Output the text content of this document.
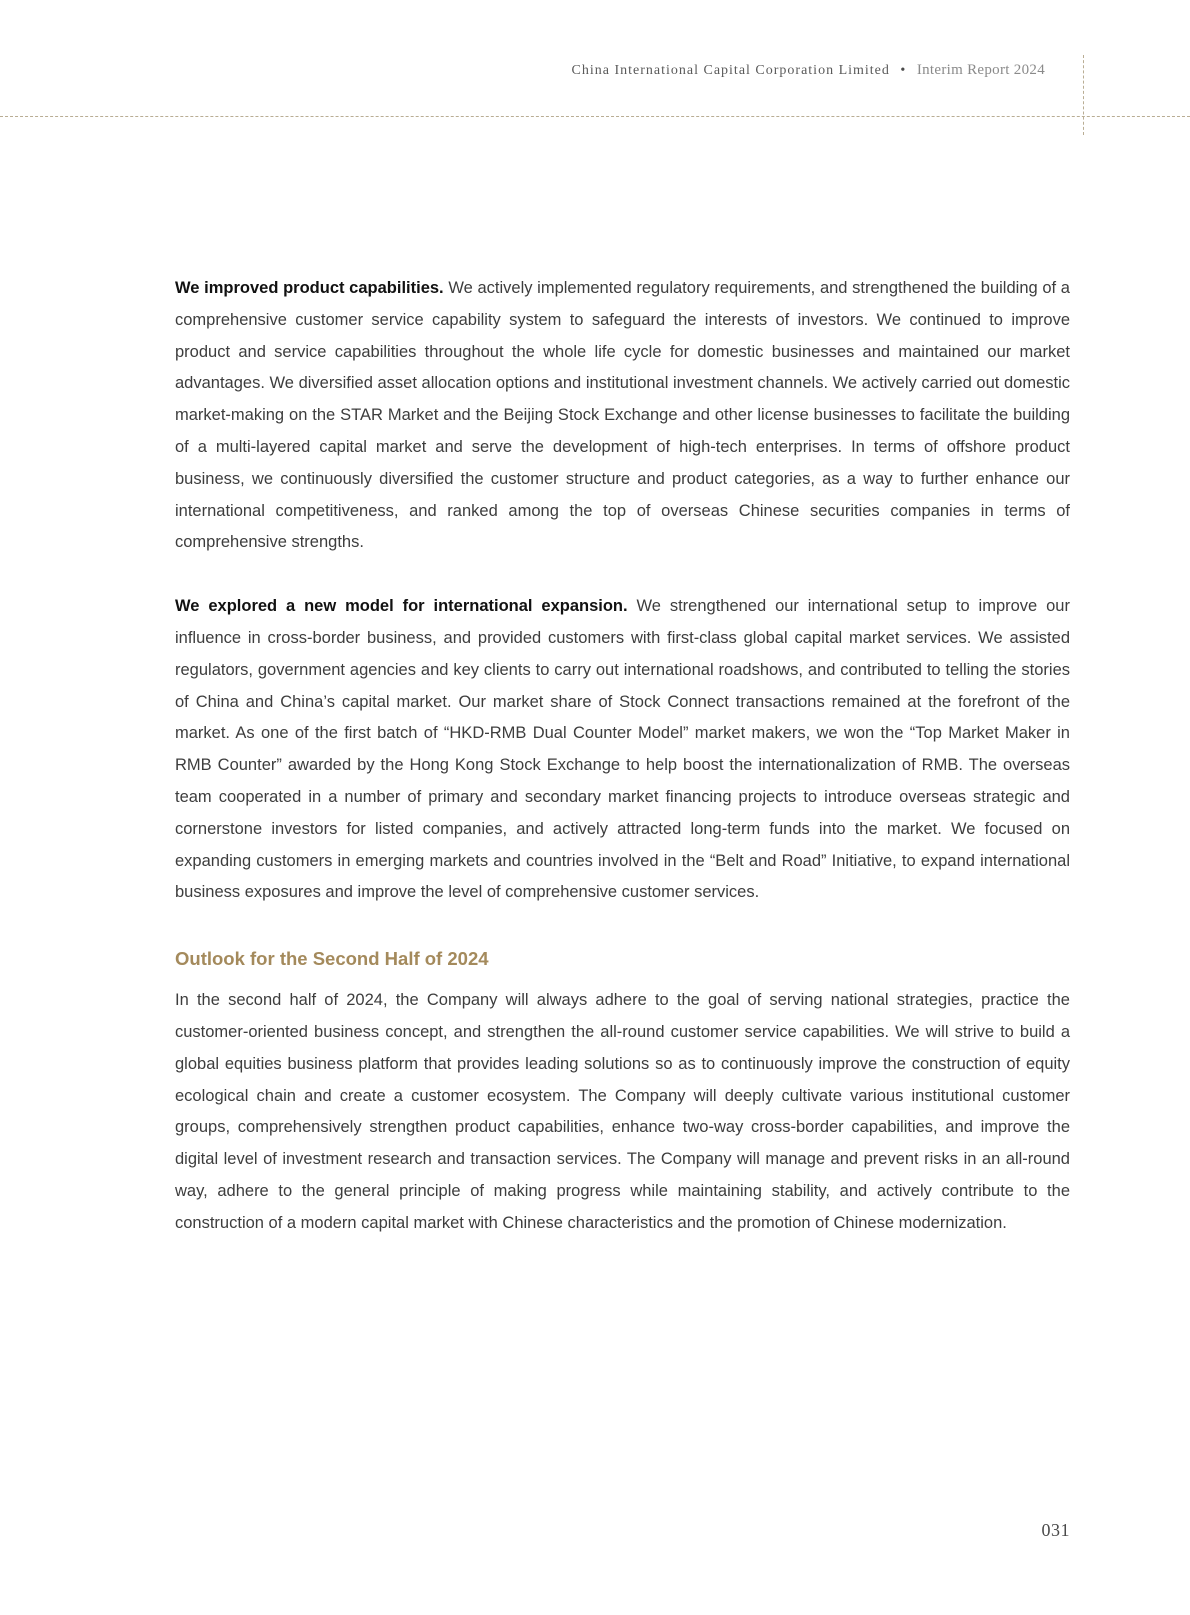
China International Capital Corporation Limited • Interim Report 2024

We improved product capabilities. We actively implemented regulatory requirements, and strengthened the building of a comprehensive customer service capability system to safeguard the interests of investors. We continued to improve product and service capabilities throughout the whole life cycle for domestic businesses and maintained our market advantages. We diversified asset allocation options and institutional investment channels. We actively carried out domestic market-making on the STAR Market and the Beijing Stock Exchange and other license businesses to facilitate the building of a multi-layered capital market and serve the development of high-tech enterprises. In terms of offshore product business, we continuously diversified the customer structure and product categories, as a way to further enhance our international competitiveness, and ranked among the top of overseas Chinese securities companies in terms of comprehensive strengths.

We explored a new model for international expansion. We strengthened our international setup to improve our influence in cross-border business, and provided customers with first-class global capital market services. We assisted regulators, government agencies and key clients to carry out international roadshows, and contributed to telling the stories of China and China’s capital market. Our market share of Stock Connect transactions remained at the forefront of the market. As one of the first batch of “HKD-RMB Dual Counter Model” market makers, we won the “Top Market Maker in RMB Counter” awarded by the Hong Kong Stock Exchange to help boost the internationalization of RMB. The overseas team cooperated in a number of primary and secondary market financing projects to introduce overseas strategic and cornerstone investors for listed companies, and actively attracted long-term funds into the market. We focused on expanding customers in emerging markets and countries involved in the “Belt and Road” Initiative, to expand international business exposures and improve the level of comprehensive customer services.

Outlook for the Second Half of 2024

In the second half of 2024, the Company will always adhere to the goal of serving national strategies, practice the customer-oriented business concept, and strengthen the all-round customer service capabilities. We will strive to build a global equities business platform that provides leading solutions so as to continuously improve the construction of equity ecological chain and create a customer ecosystem. The Company will deeply cultivate various institutional customer groups, comprehensively strengthen product capabilities, enhance two-way cross-border capabilities, and improve the digital level of investment research and transaction services. The Company will manage and prevent risks in an all-round way, adhere to the general principle of making progress while maintaining stability, and actively contribute to the construction of a modern capital market with Chinese characteristics and the promotion of Chinese modernization.

031
